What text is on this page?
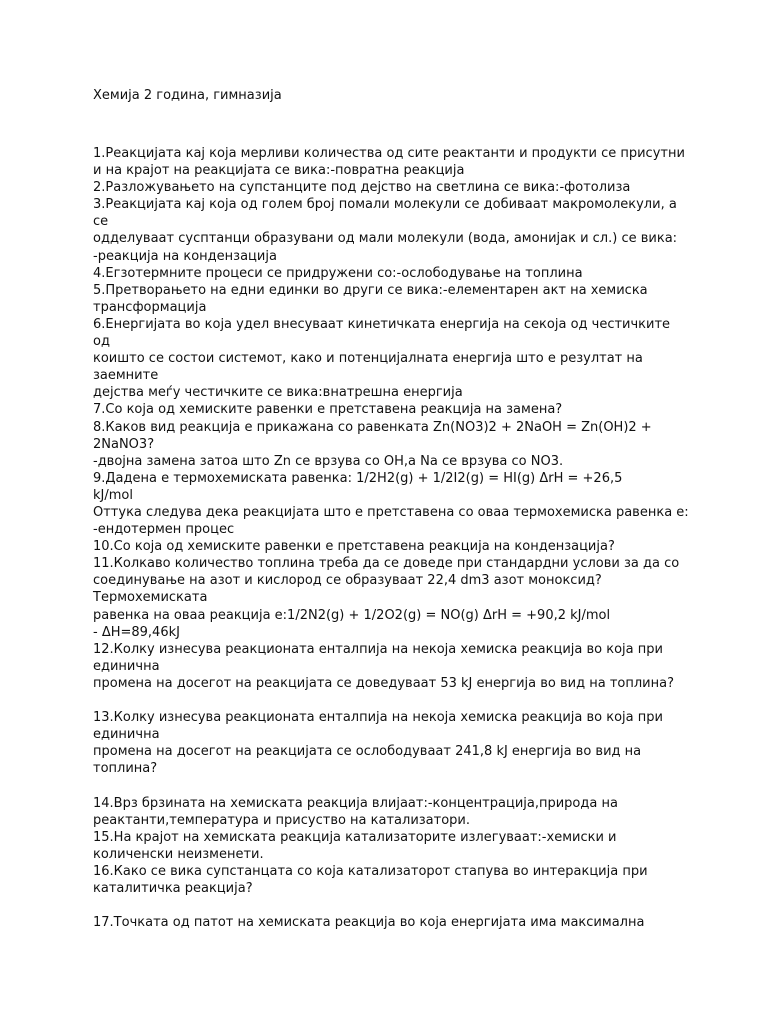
Хемија 2 година, гимназија
1.Реакцијата кај која мерливи количества од сите реактанти и продукти се присутни
и на крајот на реакцијата се вика:-повратна реакција
2.Разложувањето на супстанците под дејство на светлина се вика:-фотолиза
3.Реакцијата кај која од голем број помали молекули се добиваат макромолекули, а
се
одделуваат сусптанци образувани од мали молекули (вода, амонијак и сл.) се вика:
-реакција на кондензација
4.Егзотермните процеси се придружени со:-ослободување на топлина
5.Претворањето на едни единки во други се вика:-елементарен акт на хемиска
трансформација
6.Енергијата во која удел внесуваат кинетичката енергија на секоја од честичките
од
коишто се состои системот, како и потенцијалната енергија што е резултат на
заемните
дејства меѓу честичките се вика:внатрешна енергија
7.Со која од хемиските равенки е претставена реакција на замена?
8.Каков вид реакција е прикажана со равенката Zn(NO3)2 + 2NaOH = Zn(OH)2 +
2NaNO3?
-двојна замена затоа што Zn се врзува со OH,а Na се врзува со NO3.
9.Дадена е термохемиската равенка: 1/2H2(g) + 1/2I2(g) = HI(g) ΔrH = +26,5
kJ/mol
Оттука следува дека реакцијата што е претставена со оваа термохемиска равенка е:
-ендотермен процес
10.Со која од хемиските равенки е претставена реакција на кондензација?
11.Колкаво количество топлина треба да се доведе при стандардни услови за да со
соединување на азот и кислород се образуваат 22,4 dm3 азот моноксид?
Термохемиската
равенка на оваа реакција е:1/2N2(g) + 1/2O2(g) = NO(g) ΔrH = +90,2 kJ/mol
- ΔH=89,46kJ
12.Колку изнесува реакционата енталпија на некоја хемиска реакција во која при
единична
промена на досегот на реакцијата се доведуваат 53 kJ енергија во вид на топлина?
13.Колку изнесува реакционата енталпија на некоја хемиска реакција во која при
единична
промена на досегот на реакцијата се ослободуваат 241,8 kJ енергија во вид на
топлина?
14.Врз брзината на хемиската реакција влијаат:-концентрација,природа на
реактанти,температура и присуство на катализатори.
15.На крајот на хемиската реакција катализаторите излегуваат:-хемиски и
количенски неизменети.
16.Како се вика супстанцата со која катализаторот стапува во интеракција при
каталитичка реакција?
17.Точката од патот на хемиската реакција во која енергијата има максимална
